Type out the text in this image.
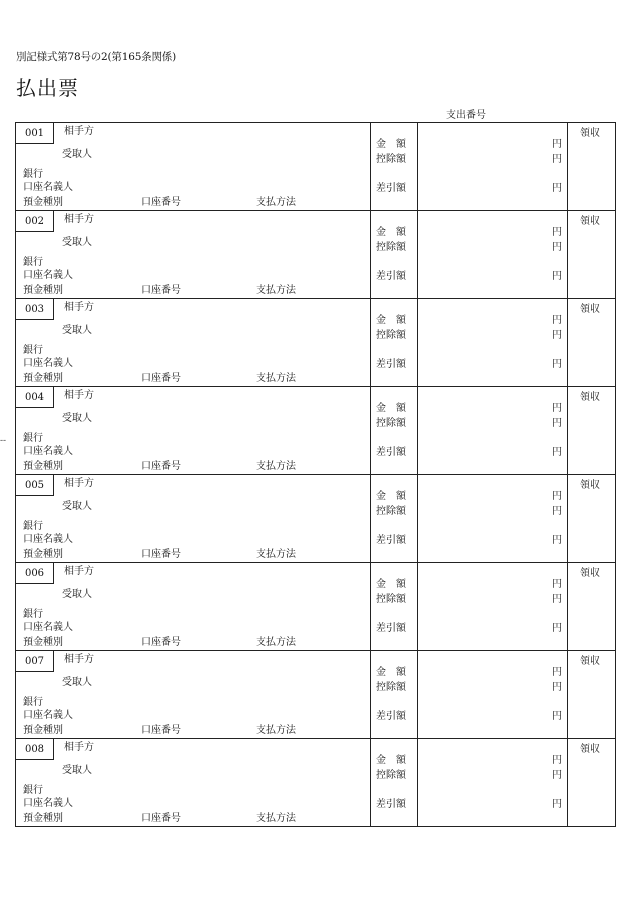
別記様式第78号の2(第165条関係)
払出票
支出番号
--
001	相手方
受取人
銀行
口座名義人
預金種別	口座番号	支払方法
金　額
控除額
差引額
領収
円
円
円
002	相手方
受取人
銀行
口座名義人
預金種別	口座番号	支払方法
金　額
控除額
差引額
領収
円
円
円
003	相手方
受取人
銀行
口座名義人
預金種別	口座番号	支払方法
金　額
控除額
差引額
領収
円
円
円
004	相手方
受取人
銀行
口座名義人
預金種別	口座番号	支払方法
金　額
控除額
差引額
領収
円
円
円
005	相手方
受取人
銀行
口座名義人
預金種別	口座番号	支払方法
金　額
控除額
差引額
領収
円
円
円
006	相手方
受取人
銀行
口座名義人
預金種別	口座番号	支払方法
金　額
控除額
差引額
領収
円
円
円
007	相手方
受取人
銀行
口座名義人
預金種別	口座番号	支払方法
金　額
控除額
差引額
領収
円
円
円
008	相手方
受取人
銀行
口座名義人
預金種別	口座番号	支払方法
金　額
控除額
差引額
領収
円
円
円
